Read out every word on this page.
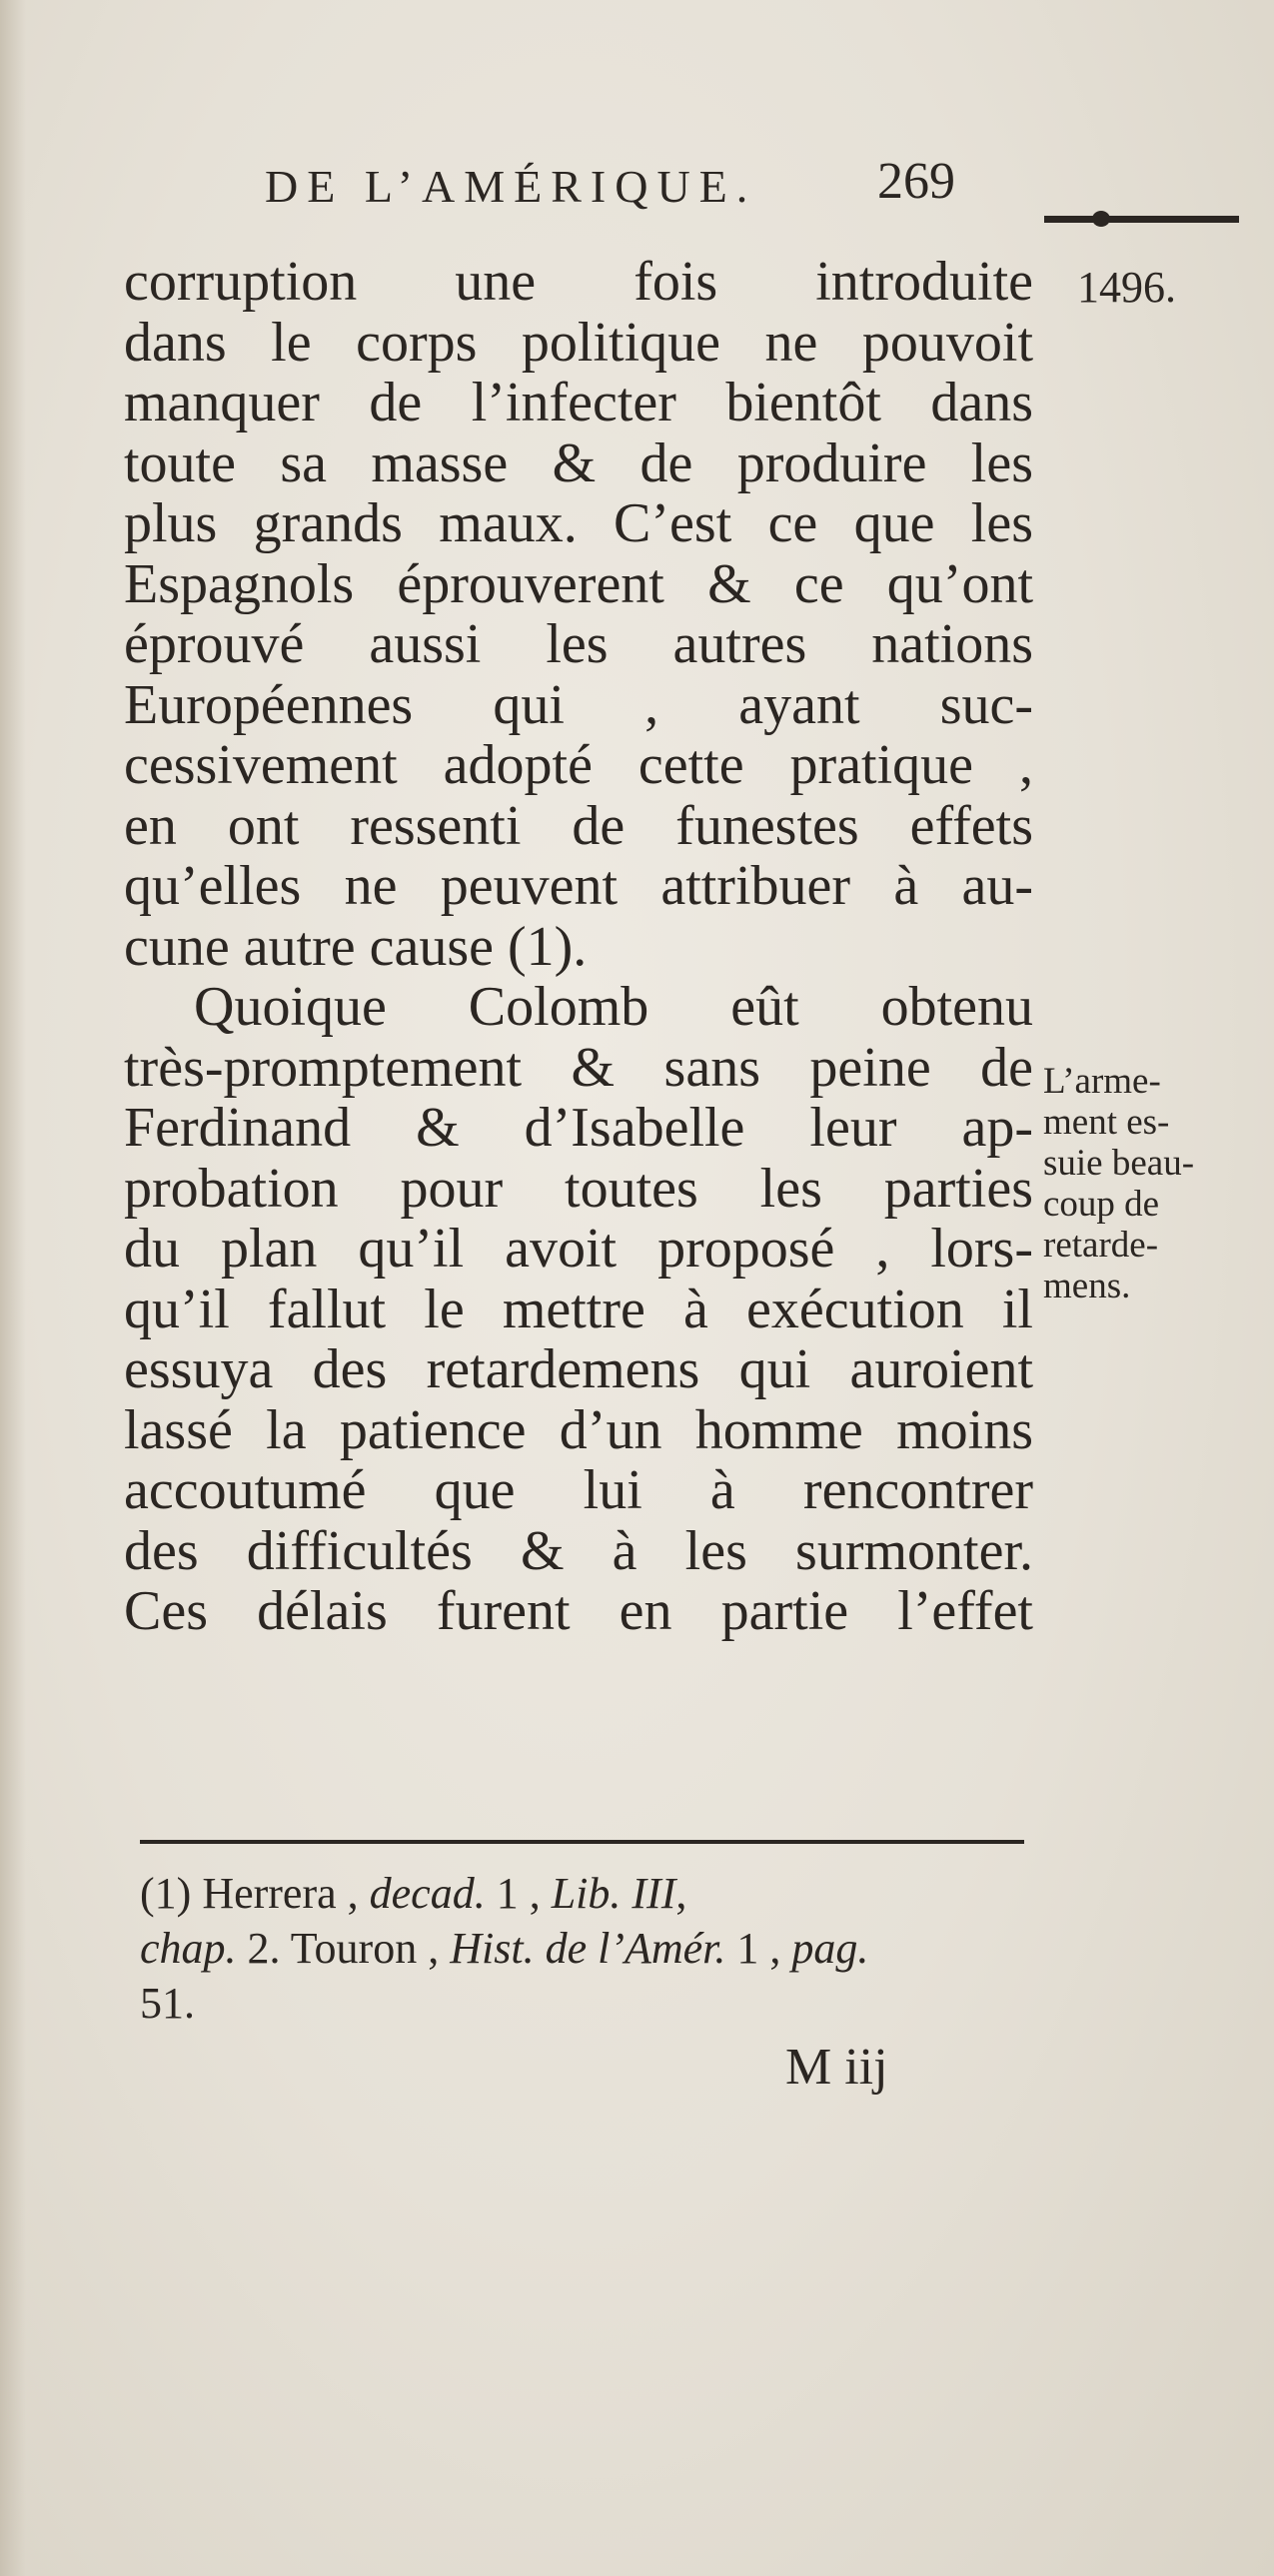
DE L’AMÉRIQUE. 269
1496.
corruption une fois introduite
dans le corps politique ne pouvoit
manquer de l’infecter bientôt dans
toute sa masse & de produire les
plus grands maux. C’est ce que les
Espagnols éprouverent & ce qu’ont
éprouvé aussi les autres nations
Européennes qui , ayant suc-
cessivement adopté cette pratique ,
en ont ressenti de funestes effets
qu’elles ne peuvent attribuer à au-
cune autre cause (1).
Quoique Colomb eût obtenu
très-promptement & sans peine de
Ferdinand & d’Isabelle leur ap-
probation pour toutes les parties
du plan qu’il avoit proposé , lors-
qu’il fallut le mettre à exécution il
essuya des retardemens qui auroient
lassé la patience d’un homme moins
accoutumé que lui à rencontrer
des difficultés & à les surmonter.
Ces délais furent en partie l’effet
L’arme-
ment es-
suie beau-
coup de
retarde-
mens.
(1) Herrera , decad. 1 , Lib. III,
chap. 2. Touron , Hist. de l’Amér. 1 , pag.
51.
M iij
